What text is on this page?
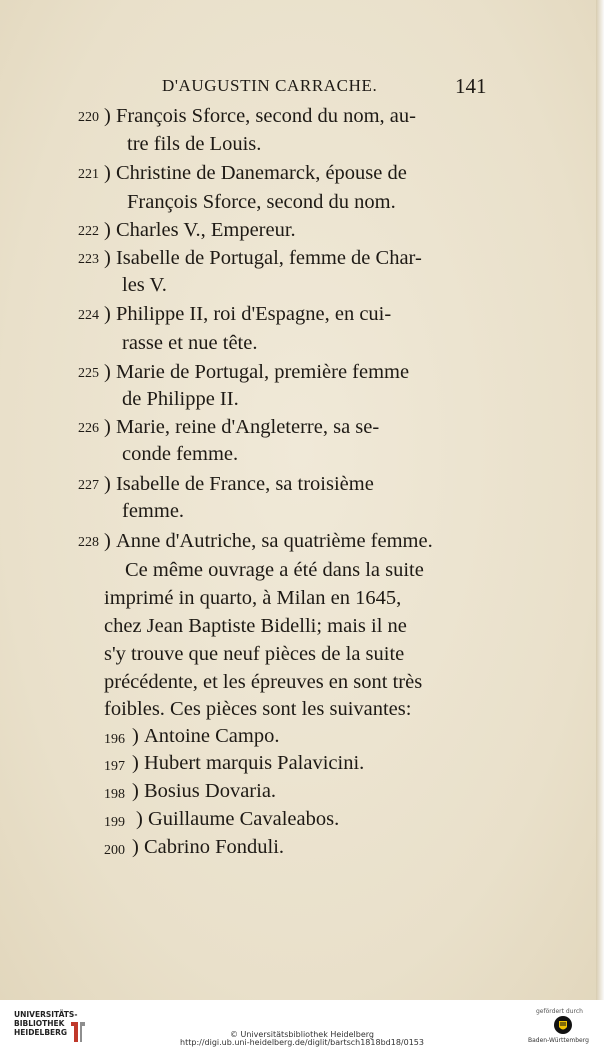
D'AUGUSTIN CARRACHE.	141
220 ) François Sforce, second du nom, au-
tre fils de Louis.
221 ) Christine de Danemarck, épouse de
François Sforce, second du nom.
222 ) Charles V., Empereur.
223 ) Isabelle de Portugal, femme de Char-
les V.
224 ) Philippe II, roi d'Espagne, en cui-
rasse et nue tête.
225 ) Marie de Portugal, première femme
de Philippe II.
226 ) Marie, reine d'Angleterre, sa se-
conde femme.
227 ) Isabelle de France, sa troisième
femme.
228 ) Anne d'Autriche, sa quatrième femme.
Ce même ouvrage a été dans la suite
imprimé in quarto, à Milan en 1645,
chez Jean Baptiste Bidelli; mais il ne
s'y trouve que neuf pièces de la suite
précédente, et les épreuves en sont très
foibles. Ces pièces sont les suivantes:
196 ) Antoine Campo.
197 ) Hubert marquis Palavicini.
198 ) Bosius Dovaria.
199 ) Guillaume Cavaleabos.
200 ) Cabrino Fonduli.
UNIVERSITÄTS-
BIBLIOTHEK
HEIDELBERG	© Universitätsbibliothek Heidelberg
http://digi.ub.uni-heidelberg.de/diglit/bartsch1818bd18/0153
gefördert durch
Baden-Württemberg
